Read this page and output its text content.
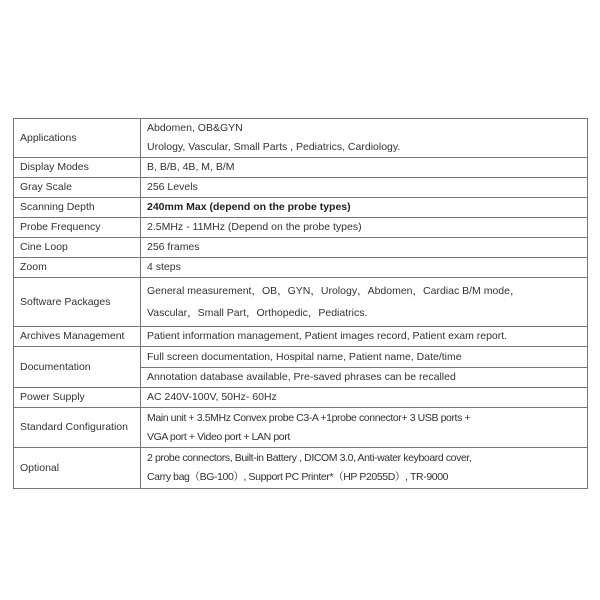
Applications	Abdomen, OB&GYN
Urology, Vascular, Small Parts , Pediatrics, Cardiology.

Display Modes	B, B/B, 4B, M, B/M
Gray Scale	256 Levels
Scanning Depth	240mm Max (depend on the probe types)
Probe Frequency	2.5MHz - 11MHz (Depend on the probe types)
Cine Loop	256 frames
Zoom	4 steps
Software Packages	General measurement，OB，GYN，Urology，Abdomen，Cardiac B/M mode，
Vascular，Small Part，Orthopedic，Pediatrics.

Archives Management	Patient information management, Patient images record, Patient exam report.
Documentation	Full screen documentation, Hospital name, Patient name, Date/time
Annotation database available, Pre-saved phrases can be recalled

Power Supply	AC 240V-100V, 50Hz- 60Hz
Standard Configuration	Main unit + 3.5MHz Convex probe C3-A +1probe connector+ 3 USB ports +
VGA port + Video port + LAN port

Optional	2 probe connectors, Built-in Battery , DICOM 3.0, Anti-water keyboard cover,
Carry bag（BG-100）, Support PC Printer*（HP P2055D）, TR-9000
